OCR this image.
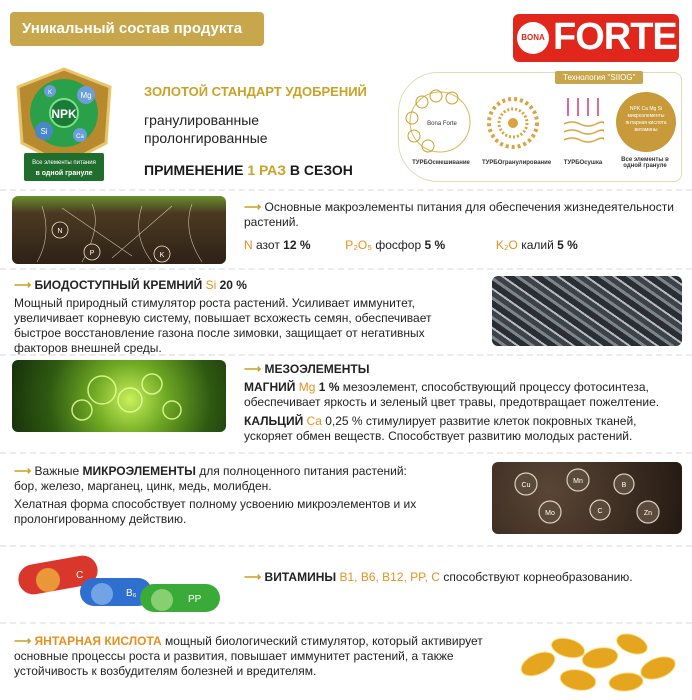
Уникальный состав продукта
BONA FORTE
NPK
Mg
Si
K
Ca
Все элементы питания
в одной грануле
ЗОЛОТОЙ СТАНДАРТ УДОБРЕНИЙ
гранулированные
пролонгированные
ПРИМЕНЕНИЕ 1 РАЗ В СЕЗОН
Технология "SIIOG"
Bona Forte
NPK Ca Mg Si микроэлементы янтарная кислота витамины
ТУРБОсмешивание	ТУРБОгранулирование	ТУРБОсушка	Все элементы в одной грануле
N
P	K
⟶ Основные макроэлементы питания для обеспечения жизнедеятельности растений.
N азот 12 %	P₂O₅ фосфор 5 %	K₂O калий 5 %
⟶ БИОДОСТУПНЫЙ КРЕМНИЙ Si 20 %
Мощный природный стимулятор роста растений. Усиливает иммунитет, увеличивает корневую систему, повышает всхожесть семян, обеспечивает быстрое восстановление газона после зимовки, защищает от негативных факторов внешней среды.
⟶ МЕЗОЭЛЕМЕНТЫ
МАГНИЙ Mg 1 % мезоэлемент, способствующий процессу фотосинтеза,
обеспечивает яркость и зеленый цвет травы, предотвращает пожелтение.
КАЛЬЦИЙ Ca 0,25 % стимулирует развитие клеток покровных тканей,
ускоряет обмен веществ. Способствует развитию молодых растений.
⟶ Важные МИКРОЭЛЕМЕНТЫ для полноценного питания растений:
бор, железо, марганец, цинк, медь, молибден.
Хелатная форма способствует полному усвоению микроэлементов и их пролонгированному действию.
Cu
Mn
B
Mo	C	Zn
C
B₆
PP
⟶ ВИТАМИНЫ B1, B6, B12, PP, C способствуют корнеобразованию.
⟶ ЯНТАРНАЯ КИСЛОТА мощный биологический стимулятор, который активирует
основные процессы роста и развития, повышает иммунитет растений, а также
устойчивость к возбудителям болезней и вредителям.
